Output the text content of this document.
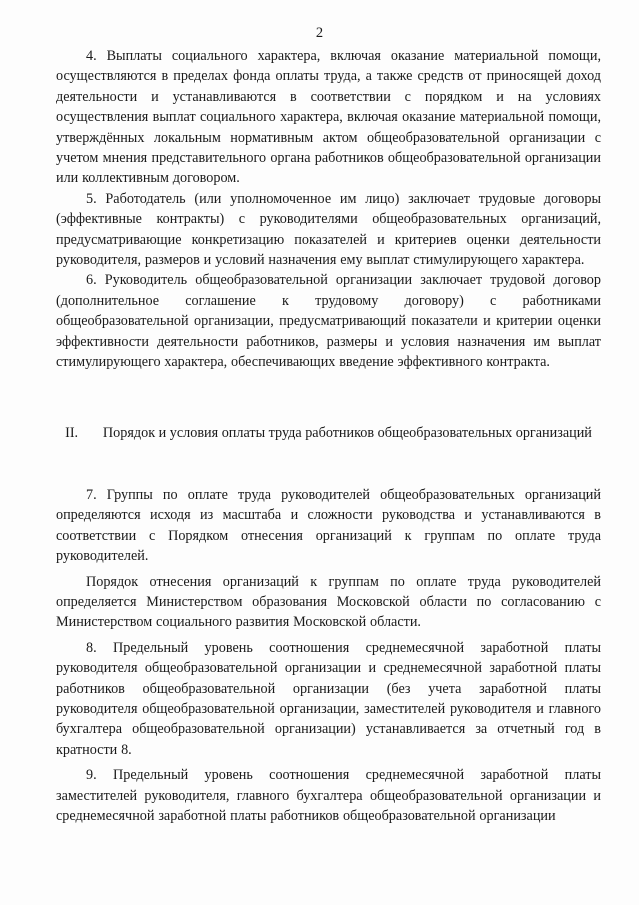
2

4. Выплаты социального характера, включая оказание материальной помощи, осуществляются в пределах фонда оплаты труда, а также средств от приносящей доход деятельности и устанавливаются в соответствии с порядком и на условиях осуществления выплат социального характера, включая оказание материальной помощи, утверждённых локальным нормативным актом общеобразовательной организации с учетом мнения представительного органа работников общеобразовательной организации или коллективным договором.

5. Работодатель (или уполномоченное им лицо) заключает трудовые договоры (эффективные контракты) с руководителями общеобразовательных организаций, предусматривающие конкретизацию показателей и критериев оценки деятельности руководителя, размеров и условий назначения ему выплат стимулирующего характера.

6. Руководитель общеобразовательной организации заключает трудовой договор (дополнительное соглашение к трудовому договору) с работниками общеобразовательной организации, предусматривающий показатели и критерии оценки эффективности деятельности работников, размеры и условия назначения им выплат стимулирующего характера, обеспечивающих введение эффективного контракта.

II. Порядок и условия оплаты труда работников общеобразовательных организаций

7. Группы по оплате труда руководителей общеобразовательных организаций определяются исходя из масштаба и сложности руководства и устанавливаются в соответствии с Порядком отнесения организаций к группам по оплате труда руководителей.

Порядок отнесения организаций к группам по оплате труда руководителей определяется Министерством образования Московской области по согласованию с Министерством социального развития Московской области.

8. Предельный уровень соотношения среднемесячной заработной платы руководителя общеобразовательной организации и среднемесячной заработной платы работников общеобразовательной организации (без учета заработной платы руководителя общеобразовательной организации, заместителей руководителя и главного бухгалтера общеобразовательной организации) устанавливается за отчетный год в кратности 8.

9. Предельный уровень соотношения среднемесячной заработной платы заместителей руководителя, главного бухгалтера общеобразовательной организации и среднемесячной заработной платы работников общеобразовательной организации
